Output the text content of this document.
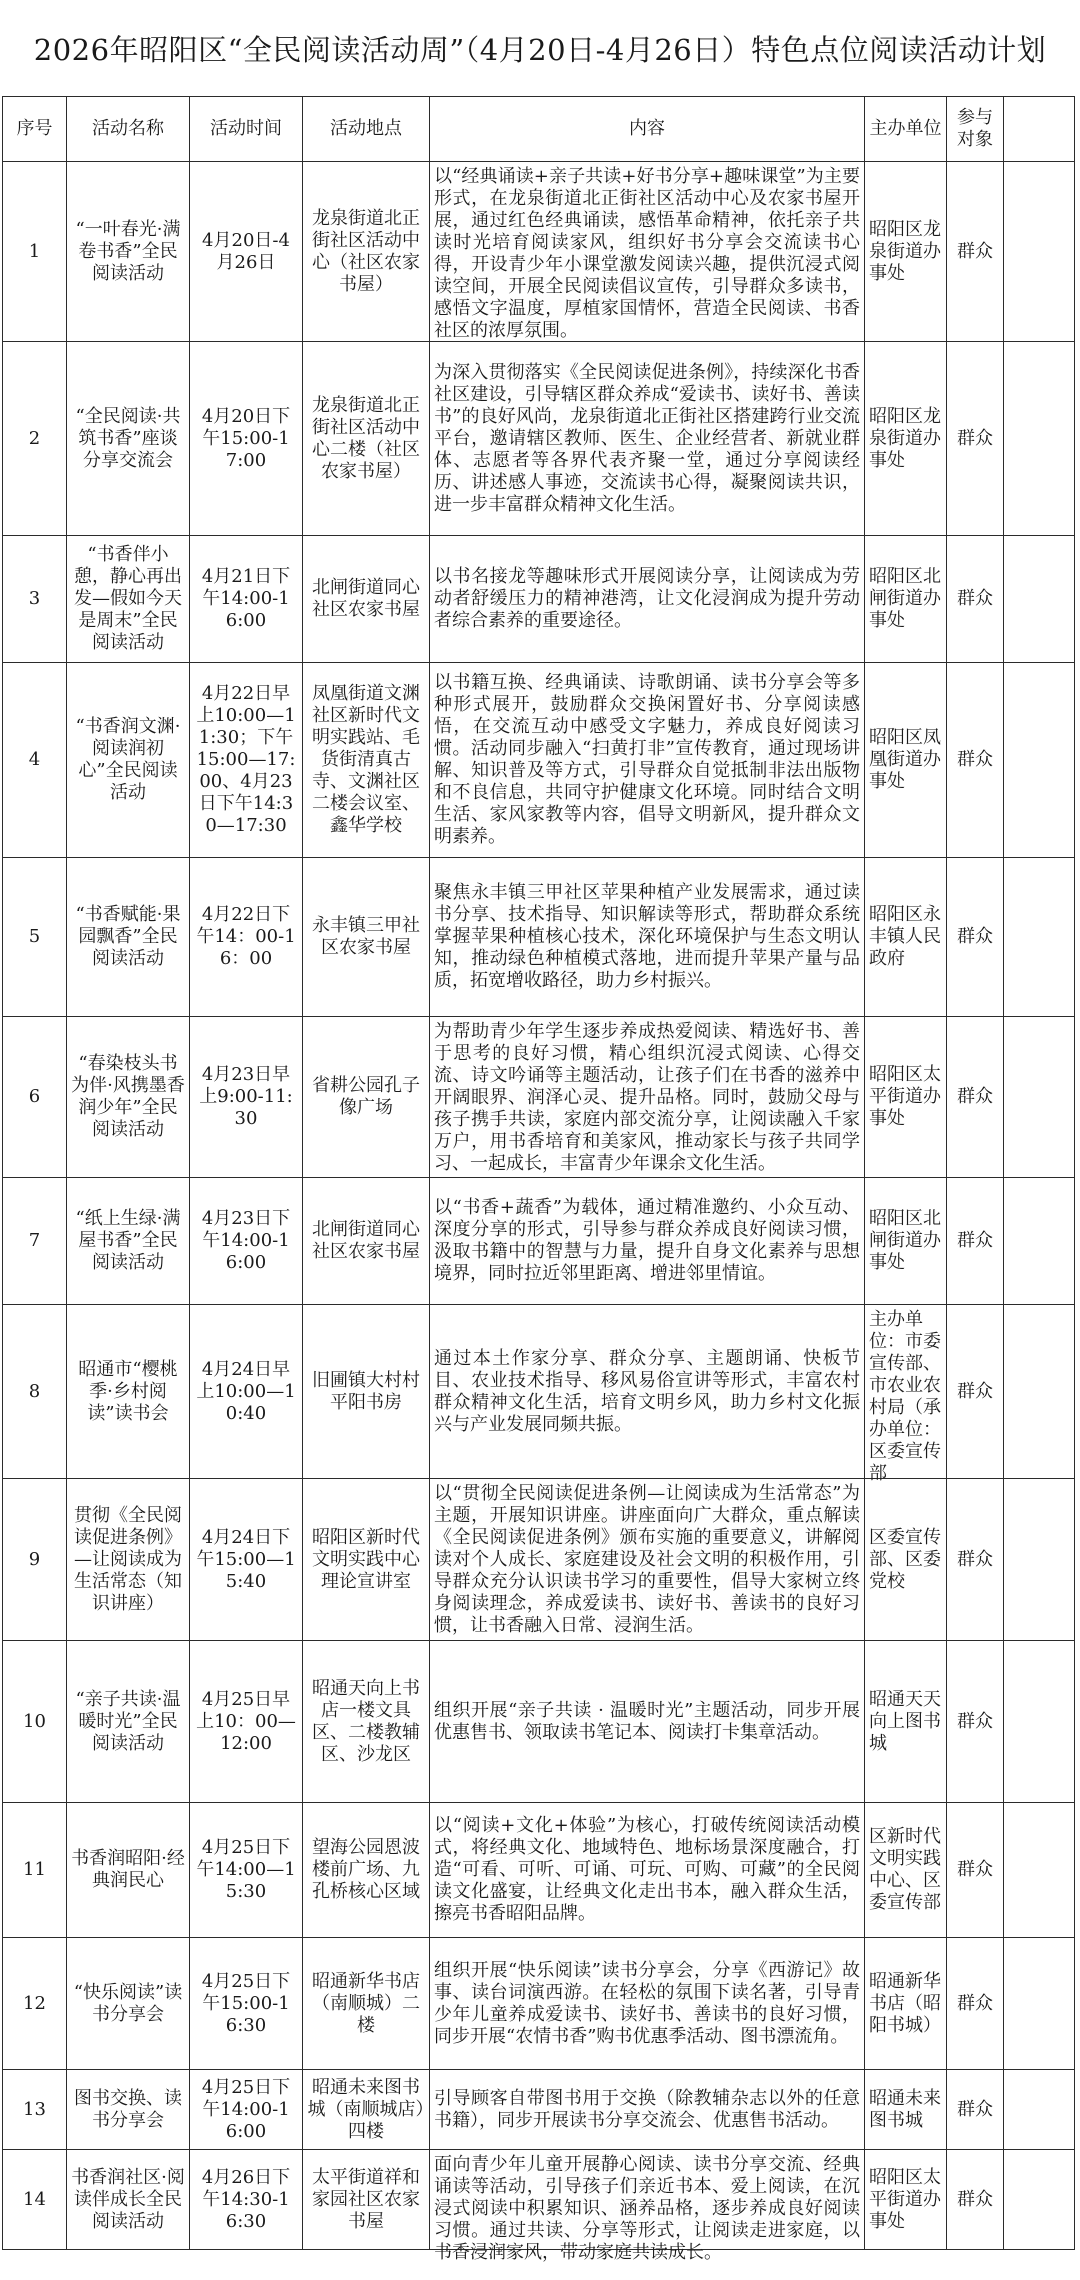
2026年昭阳区“全民阅读活动周”（4月20日-4月26日）特色点位阅读活动计划
序号	活动名称	活动时间	活动地点	内容	主办单位	参与对象	

1	“一叶春光·满卷书香”全民阅读活动	4月20日-4月26日	龙泉街道北正街社区活动中心（社区农家书屋）	以“经典诵读+亲子共读+好书分享+趣味课堂”为主要形式，在龙泉街道北正街社区活动中心及农家书屋开展，通过红色经典诵读，感悟革命精神，依托亲子共读时光培育阅读家风，组织好书分享会交流读书心得，开设青少年小课堂激发阅读兴趣，提供沉浸式阅读空间，开展全民阅读倡议宣传，引导群众多读书，感悟文字温度，厚植家国情怀，营造全民阅读、书香社区的浓厚氛围。	昭阳区龙泉街道办事处	群众	

2	“全民阅读·共筑书香”座谈分享交流会	4月20日下午15:00-17:00	龙泉街道北正街社区活动中心二楼（社区农家书屋）	为深入贯彻落实《全民阅读促进条例》，持续深化书香社区建设，引导辖区群众养成“爱读书、读好书、善读书”的良好风尚，龙泉街道北正街社区搭建跨行业交流平台，邀请辖区教师、医生、企业经营者、新就业群体、志愿者等各界代表齐聚一堂，通过分享阅读经历、讲述感人事迹，交流读书心得，凝聚阅读共识，进一步丰富群众精神文化生活。	昭阳区龙泉街道办事处	群众	

3	“书香伴小憩，静心再出发—假如今天是周末”全民阅读活动	4月21日下午14:00-16:00	北闸街道同心社区农家书屋	以书名接龙等趣味形式开展阅读分享，让阅读成为劳动者舒缓压力的精神港湾，让文化浸润成为提升劳动者综合素养的重要途径。	昭阳区北闸街道办事处	群众	

4	“书香润文渊·阅读润初心”全民阅读活动	4月22日早上10:00—11:30；下午15:00—17:00、4月23日下午14:30—17:30	凤凰街道文渊社区新时代文明实践站、毛货街清真古寺、文渊社区二楼会议室、鑫华学校	以书籍互换、经典诵读、诗歌朗诵、读书分享会等多种形式展开，鼓励群众交换闲置好书、分享阅读感悟，在交流互动中感受文字魅力，养成良好阅读习惯。活动同步融入“扫黄打非”宣传教育，通过现场讲解、知识普及等方式，引导群众自觉抵制非法出版物和不良信息，共同守护健康文化环境。同时结合文明生活、家风家教等内容，倡导文明新风，提升群众文明素养。	昭阳区凤凰街道办事处	群众	

5	“书香赋能·果园飘香”全民阅读活动	4月22日下午14：00-16：00	永丰镇三甲社区农家书屋	聚焦永丰镇三甲社区苹果种植产业发展需求，通过读书分享、技术指导、知识解读等形式，帮助群众系统掌握苹果种植核心技术，深化环境保护与生态文明认知，推动绿色种植模式落地，进而提升苹果产量与品质，拓宽增收路径，助力乡村振兴。	昭阳区永丰镇人民政府	群众	

6	“春染枝头书为伴·风携墨香润少年”全民阅读活动	4月23日早上9:00-11:30	省耕公园孔子像广场	为帮助青少年学生逐步养成热爱阅读、精选好书、善于思考的良好习惯，精心组织沉浸式阅读、心得交流、诗文吟诵等主题活动，让孩子们在书香的滋养中开阔眼界、润泽心灵、提升品格。同时，鼓励父母与孩子携手共读，家庭内部交流分享，让阅读融入千家万户，用书香培育和美家风，推动家长与孩子共同学习、一起成长，丰富青少年课余文化生活。	昭阳区太平街道办事处	群众	

7	“纸上生绿·满屋书香”全民阅读活动	4月23日下午14:00-16:00	北闸街道同心社区农家书屋	以“书香+蔬香”为载体，通过精准邀约、小众互动、深度分享的形式，引导参与群众养成良好阅读习惯，汲取书籍中的智慧与力量，提升自身文化素养与思想境界，同时拉近邻里距离、增进邻里情谊。	昭阳区北闸街道办事处	群众	

8	昭通市“樱桃季·乡村阅读”读书会	4月24日早上10:00—10:40	旧圃镇大村村平阳书房	通过本土作家分享、群众分享、主题朗诵、快板节目、农业技术指导、移风易俗宣讲等形式，丰富农村群众精神文化生活，培育文明乡风，助力乡村文化振兴与产业发展同频共振。	主办单位：市委宣传部、市农业农村局（承办单位：区委宣传部	群众	

9	贯彻《全民阅读促进条例》—让阅读成为生活常态（知识讲座）	4月24日下午15:00—15:40	昭阳区新时代文明实践中心理论宣讲室	以“贯彻全民阅读促进条例—让阅读成为生活常态”为主题，开展知识讲座。讲座面向广大群众，重点解读《全民阅读促进条例》颁布实施的重要意义，讲解阅读对个人成长、家庭建设及社会文明的积极作用，引导群众充分认识读书学习的重要性，倡导大家树立终身阅读理念，养成爱读书、读好书、善读书的良好习惯，让书香融入日常、浸润生活。	区委宣传部、区委党校	群众	

10	“亲子共读·温暖时光”全民阅读活动	4月25日早上10：00—12:00	昭通天向上书店一楼文具区、二楼教辅区、沙龙区	组织开展“亲子共读 · 温暖时光”主题活动，同步开展优惠售书、领取读书笔记本、阅读打卡集章活动。	昭通天天向上图书城	群众	

11	书香润昭阳·经典润民心	4月25日下午14:00—15:30	望海公园恩波楼前广场、九孔桥核心区域	以“阅读+文化+体验”为核心，打破传统阅读活动模式，将经典文化、地域特色、地标场景深度融合，打造“可看、可听、可诵、可玩、可购、可藏”的全民阅读文化盛宴，让经典文化走出书本，融入群众生活，擦亮书香昭阳品牌。	区新时代文明实践中心、区委宣传部	群众	

12	“快乐阅读”读书分享会	4月25日下午15:00-16:30	昭通新华书店（南顺城）二楼	组织开展“快乐阅读”读书分享会，分享《西游记》故事、读台词演西游。在轻松的氛围下读名著，引导青少年儿童养成爱读书、读好书、善读书的良好习惯，同步开展“农情书香”购书优惠季活动、图书漂流角。	昭通新华书店（昭阳书城）	群众	

13	图书交换、读书分享会	4月25日下午14:00-16:00	昭通未来图书城（南顺城店）四楼	引导顾客自带图书用于交换（除教辅杂志以外的任意书籍），同步开展读书分享交流会、优惠售书活动。	昭通未来图书城	群众	

14	书香润社区·阅读伴成长全民阅读活动	4月26日下午14:30-16:30	太平街道祥和家园社区农家书屋	面向青少年儿童开展静心阅读、读书分享交流、经典诵读等活动，引导孩子们亲近书本、爱上阅读，在沉浸式阅读中积累知识、涵养品格，逐步养成良好阅读习惯。通过共读、分享等形式，让阅读走进家庭，以书香浸润家风，带动家庭共读成长。	昭阳区太平街道办事处	群众	
